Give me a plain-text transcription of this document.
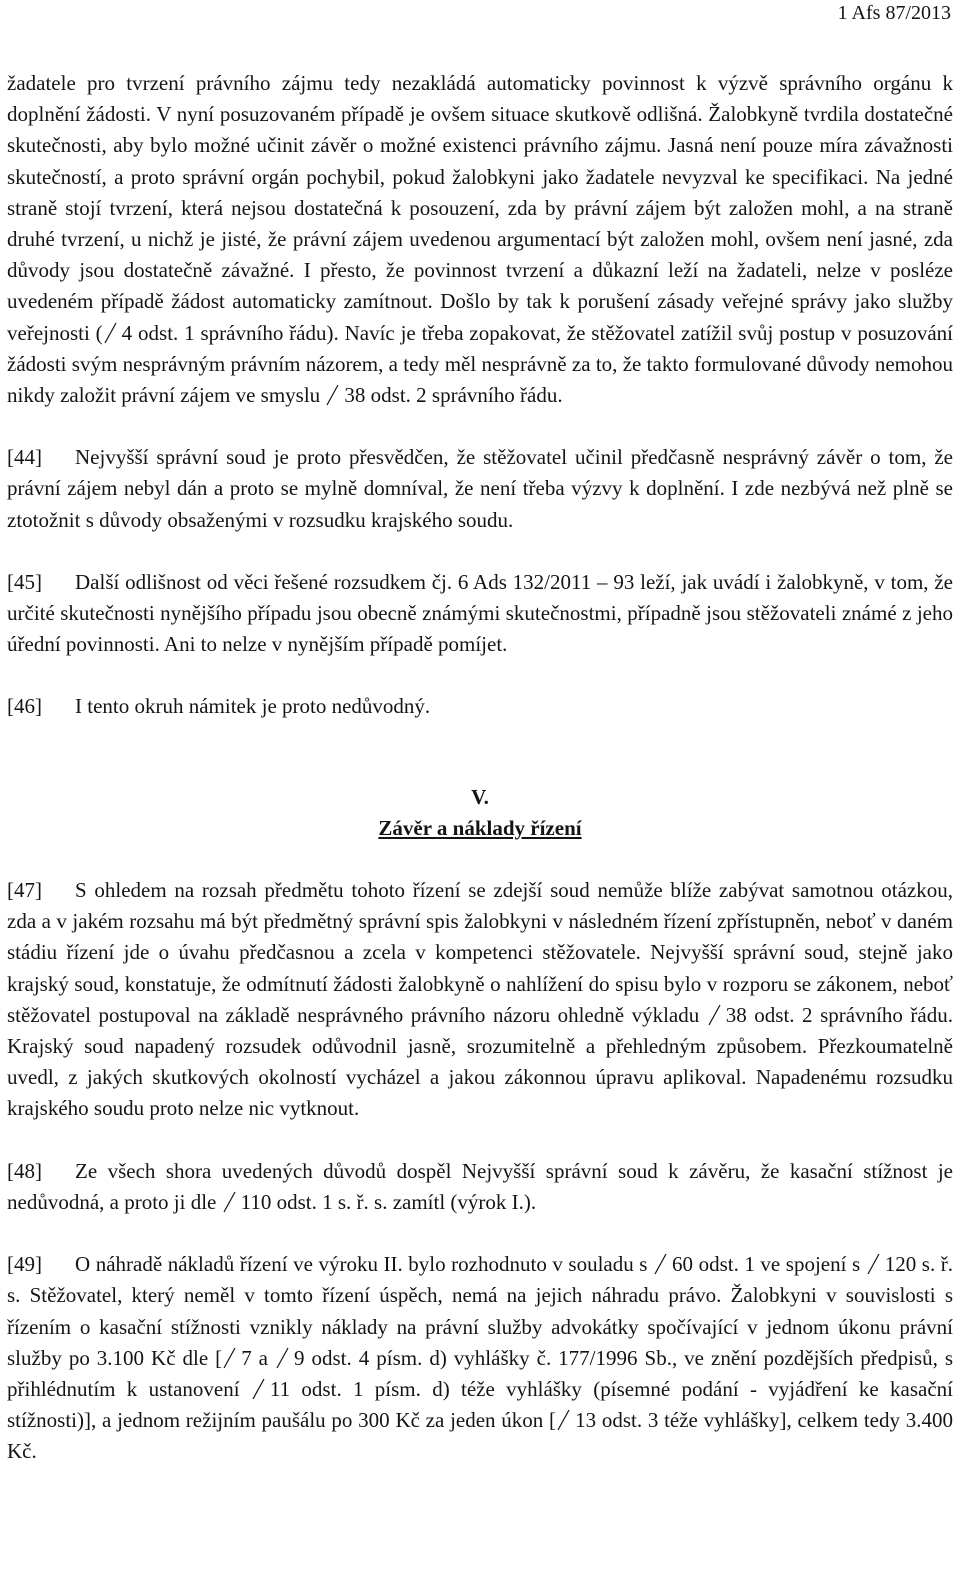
1 Afs 87/2013

žadatele pro tvrzení právního zájmu tedy nezakládá automaticky povinnost k výzvě správního orgánu k doplnění žádosti. V nyní posuzovaném případě je ovšem situace skutkově odlišná. Žalobkyně tvrdila dostatečné skutečnosti, aby bylo možné učinit závěr o možné existenci právního zájmu. Jasná není pouze míra závažnosti skutečností, a proto správní orgán pochybil, pokud žalobkyni jako žadatele nevyzval ke specifikaci. Na jedné straně stojí tvrzení, která nejsou dostatečná k posouzení, zda by právní zájem být založen mohl, a na straně druhé tvrzení, u nichž je jisté, že právní zájem uvedenou argumentací být založen mohl, ovšem není jasné, zda důvody jsou dostatečně závažné. I přesto, že povinnost tvrzení a důkazní leží na žadateli, nelze v posléze uvedeném případě žádost automaticky zamítnout. Došlo by tak k porušení zásady veřejné správy jako služby veřejnosti ( 4 odst. 1 správního řádu). Navíc je třeba zopakovat, že stěžovatel zatížil svůj postup v posuzování žádosti svým nesprávným právním názorem, a tedy měl nesprávně za to, že takto formulované důvody nemohou nikdy založit právní zájem ve smyslu
38 odst. 2 správního řádu.

[44] Nejvyšší správní soud je proto přesvědčen, že stěžovatel učinil předčasně nesprávný závěr o tom, že právní zájem nebyl dán a proto se mylně domníval, že není třeba výzvy k doplnění. I zde nezbývá než plně se ztotožnit s důvody obsaženými v rozsudku krajského soudu.

[45] Další odlišnost od věci řešené rozsudkem čj. 6 Ads 132/2011 – 93 leží, jak uvádí i žalobkyně, v tom, že určité skutečnosti nynějšího případu jsou obecně známými skutečnostmi, případně jsou stěžovateli známé z jeho úřední povinnosti. Ani to nelze v nynějším případě pomíjet.

[46] I tento okruh námitek je proto nedůvodný.

V.
Závěr a náklady řízení

[47] S ohledem na rozsah předmětu tohoto řízení se zdejší soud nemůže blíže zabývat samotnou otázkou, zda a v jakém rozsahu má být předmětný správní spis žalobkyni v následném řízení zpřístupněn, neboť v daném stádiu řízení jde o úvahu předčasnou a zcela v kompetenci stěžovatele. Nejvyšší správní soud, stejně jako krajský soud, konstatuje, že odmítnutí žádosti žalobkyně o nahlížení do spisu bylo v rozporu se zákonem, neboť stěžovatel postupoval na základě nesprávného právního názoru ohledně výkladu
38 odst. 2 správního řádu. Krajský soud napadený rozsudek odůvodnil jasně, srozumitelně a přehledným způsobem. Přezkoumatelně uvedl, z jakých skutkových okolností vycházel a jakou zákonnou úpravu aplikoval. Napadenému rozsudku krajského soudu proto nelze nic vytknout.

[48] Ze všech shora uvedených důvodů dospěl Nejvyšší správní soud k závěru, že kasační stížnost je nedůvodná, a proto ji dle
110 odst. 1 s. ř. s. zamítl (výrok I.).

[49] O náhradě nákladů řízení ve výroku II. bylo rozhodnuto v souladu s
60 odst. 1 ve spojení s
120 s. ř. s. Stěžovatel, který neměl v tomto řízení úspěch, nemá na jejich náhradu právo. Žalobkyni v souvislosti s řízením o kasační stížnosti vznikly náklady na právní služby advokátky spočívající v jednom úkonu právní služby po 3.100 Kč dle [ 7 a
9 odst. 4 písm. d) vyhlášky č. 177/1996 Sb., ve znění pozdějších předpisů, s přihlédnutím k ustanovení
11 odst. 1 písm. d) téže vyhlášky (písemné podání - vyjádření ke kasační stížnosti)], a jednom režijním paušálu po 300 Kč za jeden úkon [ 13 odst. 3 téže vyhlášky], celkem tedy 3.400 Kč.
